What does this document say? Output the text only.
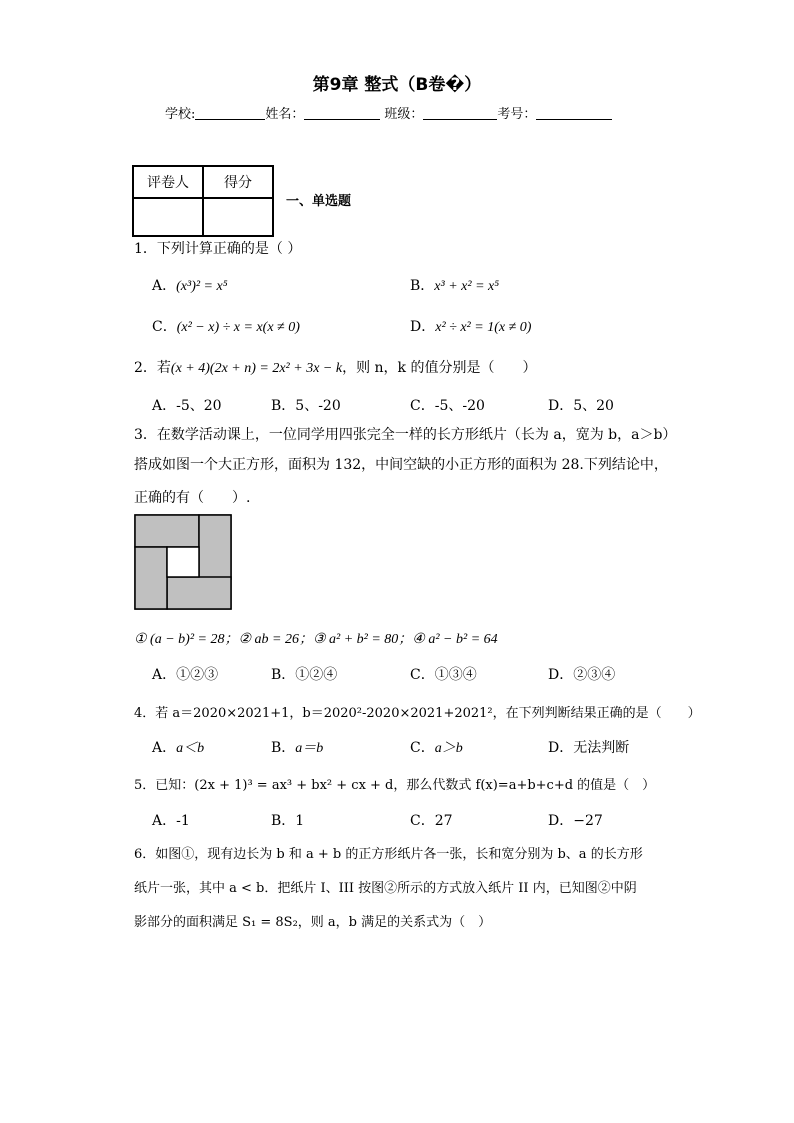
第9章 整式（B卷�）
学校:	姓名：	班级：	考号：
评卷人	得分

一、单选题
1．下列计算正确的是（ ）
A．(x³)² = x⁵	B．x³ + x² = x⁵
C．(x² − x) ÷ x = x(x ≠ 0)	D．x² ÷ x² = 1(x ≠ 0)
2．若(x + 4)(2x + n) = 2x² + 3x − k，则 n，k 的值分别是（　　）
A．-5、20	B．5、-20	C．-5、-20	D．5、20
3．在数学活动课上，一位同学用四张完全一样的长方形纸片（长为 a，宽为 b，a＞b）
搭成如图一个大正方形，面积为 132，中间空缺的小正方形的面积为 28.下列结论中，
正确的有（　　）.
① (a − b)² = 28；② ab = 26；③ a² + b² = 80；④ a² − b² = 64
A．①②③	B．①②④	C．①③④	D．②③④
4．若 a＝2020×2021+1，b＝2020²-2020×2021+2021²，在下列判断结果正确的是（　　）
A．a＜b	B．a＝b	C．a＞b	D．无法判断
5．已知：(2x + 1)³ = ax³ + bx² + cx + d，那么代数式 f(x)=a+b+c+d 的值是（　）
A．-1	B．1	C．27	D．−27
6．如图①，现有边长为 b 和 a + b 的正方形纸片各一张，长和宽分别为 b、a 的长方形
纸片一张，其中 a < b．把纸片 I、III 按图②所示的方式放入纸片 II 内，已知图②中阴
影部分的面积满足 S₁ = 8S₂，则 a，b 满足的关系式为（　）
